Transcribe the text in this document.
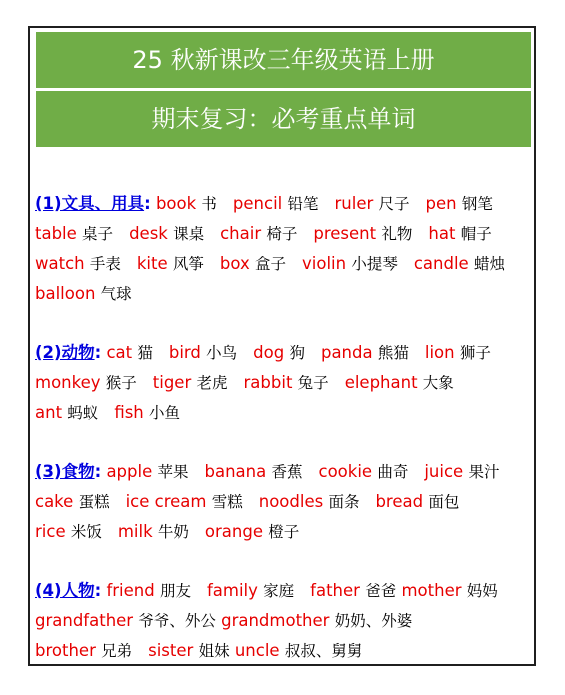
25 秋新课改三年级英语上册
期末复习：必考重点单词
(1)文具、用具: book 书 pencil 铅笔 ruler 尺子 pen 钢笔
table 桌子 desk 课桌 chair 椅子 present 礼物 hat 帽子
watch 手表 kite 风筝 box 盒子 violin 小提琴 candle 蜡烛
balloon 气球
(2)动物: cat 猫 bird 小鸟 dog 狗 panda 熊猫 lion 狮子
monkey 猴子 tiger 老虎 rabbit 兔子 elephant 大象
ant 蚂蚁 fish 小鱼
(3)食物: apple 苹果 banana 香蕉 cookie 曲奇 juice 果汁
cake 蛋糕 ice cream 雪糕 noodles 面条 bread 面包
rice 米饭 milk 牛奶 orange 橙子
(4)人物: friend 朋友 family 家庭 father 爸爸 mother 妈妈
grandfather 爷爷、外公 grandmother 奶奶、外婆
brother 兄弟 sister 姐妹 uncle 叔叔、舅舅
